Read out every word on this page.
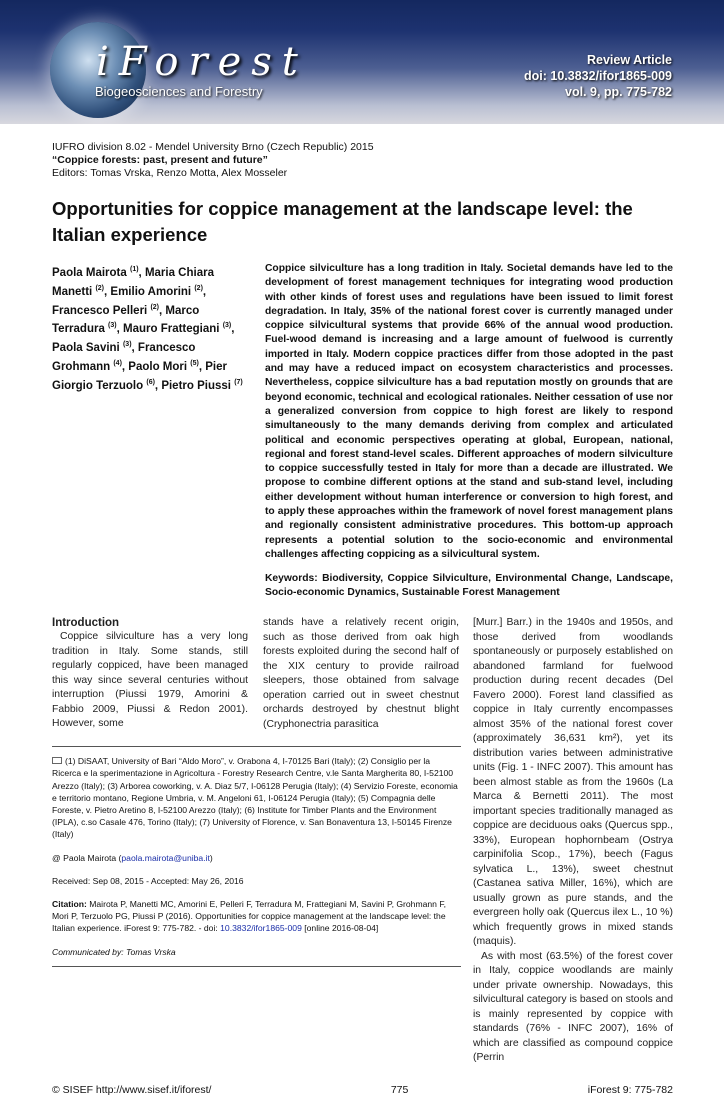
iForest
Biogeosciences and Forestry
Review Article
doi: 10.3832/ifor1865-009
vol. 9, pp. 775-782
IUFRO division 8.02 - Mendel University Brno (Czech Republic) 2015
“Coppice forests: past, present and future”
Editors: Tomas Vrska, Renzo Motta, Alex Mosseler
Opportunities for coppice management at the landscape level: the Italian experience
Paola Mairota $^{(1)}$, Maria Chiara Manetti $^{(2)}$, Emilio Amorini $^{(2)}$, Francesco Pelleri $^{(2)}$, Marco Terradura $^{(3)}$, Mauro Frattegiani $^{(3)}$, Paola Savini $^{(3)}$, Francesco Grohmann $^{(4)}$, Paolo Mori $^{(5)}$, Pier Giorgio Terzuolo $^{(6)}$, Pietro Piussi $^{(7)}$
Coppice silviculture has a long tradition in Italy. Societal demands have led to the development of forest management techniques for integrating wood production with other kinds of forest uses and regulations have been issued to limit forest degradation. In Italy, 35% of the national forest cover is currently managed under coppice silvicultural systems that provide 66% of the annual wood production. Fuel-wood demand is increasing and a large amount of fuelwood is currently imported in Italy. Modern coppice practices differ from those adopted in the past and may have a reduced impact on ecosystem characteristics and processes. Nevertheless, coppice silviculture has a bad reputation mostly on grounds that are beyond economic, technical and ecological rationales. Neither cessation of use nor a generalized conversion from coppice to high forest are likely to respond simultaneously to the many demands deriving from complex and articulated political and economic perspectives operating at global, European, national, regional and forest stand-level scales. Different approaches of modern silviculture to coppice successfully tested in Italy for more than a decade are illustrated. We propose to combine different options at the stand and sub-stand level, including either development without human interference or conversion to high forest, and to apply these approaches within the framework of novel forest management plans and regionally consistent administrative procedures. This bottom-up approach represents a potential solution to the socio-economic and environmental challenges affecting coppicing as a silvicultural system.
Keywords: Biodiversity, Coppice Silviculture, Environmental Change, Landscape, Socio-economic Dynamics, Sustainable Forest Management
Introduction
Coppice silviculture has a very long tradition in Italy. Some stands, still regularly coppiced, have been managed this way since several centuries without interruption (Piussi 1979, Amorini & Fabbio 2009, Piussi & Redon 2001). However, some
stands have a relatively recent origin, such as those derived from oak high forests exploited during the second half of the XIX century to provide railroad sleepers, those obtained from salvage operation carried out in sweet chestnut orchards destroyed by chestnut blight (Cryphonectria parasitica

(1) DiSAAT, University of Bari “Aldo Moro”, v. Orabona 4, I-70125 Bari (Italy); (2) Consiglio per la Ricerca e la sperimentazione in Agricoltura - Forestry Research Centre, v.le Santa Margherita 80, I-52100 Arezzo (Italy); (3) Arborea coworking, v. A. Diaz 5/7, I-06128 Perugia (Italy); (4) Servizio Foreste, economia e territorio montano, Regione Umbria, v. M. Angeloni 61, I-06124 Perugia (Italy); (5) Compagnia delle Foreste, v. Pietro Aretino 8, I-52100 Arezzo (Italy); (6) Institute for Timber Plants and the Environment (IPLA), c.so Casale 476, Torino (Italy); (7) University of Florence, v. San Bonaventura 13, I-50145 Firenze (Italy)

@ Paola Mairota (paola.mairota@uniba.it)

Received: Sep 08, 2015 - Accepted: May 26, 2016

Citation: Mairota P, Manetti MC, Amorini E, Pelleri F, Terradura M, Frattegiani M, Savini P, Grohmann F, Mori P, Terzuolo PG, Piussi P (2016). Opportunities for coppice management at the landscape level: the Italian experience. iForest 9: 775-782. - doi: 10.3832/ifor1865-009 [online 2016-08-04]

Communicated by: Tomas Vrska

[Murr.] Barr.) in the 1940s and 1950s, and those derived from woodlands spontaneously or purposely established on abandoned farmland for fuelwood production during recent decades (Del Favero 2000). Forest land classified as coppice in Italy currently encompasses almost 35% of the national forest cover (approximately 36,631 km²), yet its distribution varies between administrative units (Fig. 1 - INFC 2007). This amount has been almost stable as from the 1960s (La Marca & Bernetti 2011). The most important species traditionally managed as coppice are deciduous oaks (Quercus spp., 33%), European hophornbeam (Ostrya carpinifolia Scop., 17%), beech (Fagus sylvatica L., 13%), sweet chestnut (Castanea sativa Miller, 16%), which are usually grown as pure stands, and the evergreen holly oak (Quercus ilex L., 10 %) which frequently grows in mixed stands (maquis).

As with most (63.5%) of the forest cover in Italy, coppice woodlands are mainly under private ownership. Nowadays, this silvicultural category is based on stools and is mainly represented by coppice with standards (76% - INFC 2007), 16% of which are classified as compound coppice (Perrin

© SISEF http://www.sisef.it/iforest/	775	iForest 9: 775-782
